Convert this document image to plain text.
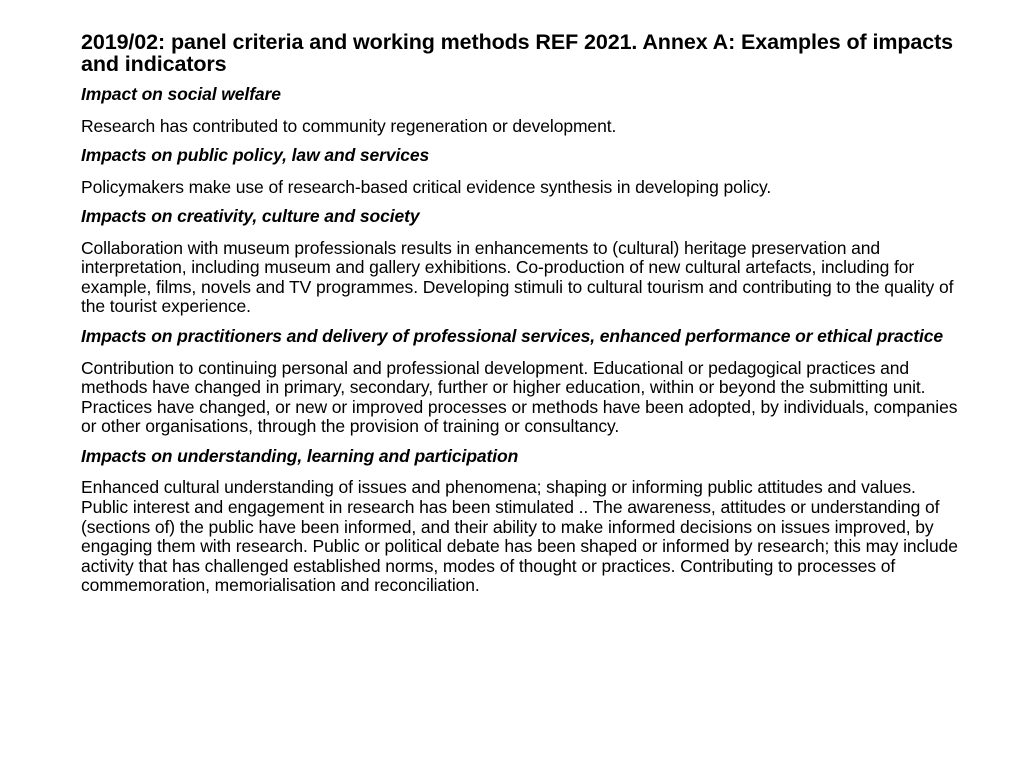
2019/02: panel criteria and working methods REF 2021. Annex A: Examples of impacts and indicators

Impact on social welfare

Research has contributed to community regeneration or development.

Impacts on public policy, law and services

Policymakers make use of research-based critical evidence synthesis in developing policy.

Impacts on creativity, culture and society

Collaboration with museum professionals results in enhancements to (cultural) heritage preservation and interpretation, including museum and gallery exhibitions. Co-production of new cultural artefacts, including for example, films, novels and TV programmes. Developing stimuli to cultural tourism and contributing to the quality of the tourist experience.

Impacts on practitioners and delivery of professional services, enhanced performance or ethical practice

Contribution to continuing personal and professional development. Educational or pedagogical practices and methods have changed in primary, secondary, further or higher education, within or beyond the submitting unit. Practices have changed, or new or improved processes or methods have been adopted, by individuals, companies or other organisations, through the provision of training or consultancy.

Impacts on understanding, learning and participation

Enhanced cultural understanding of issues and phenomena; shaping or informing public attitudes and values. Public interest and engagement in research has been stimulated .. The awareness, attitudes or understanding of (sections of) the public have been informed, and their ability to make informed decisions on issues improved, by engaging them with research. Public or political debate has been shaped or informed by research; this may include activity that has challenged established norms, modes of thought or practices. Contributing to processes of commemoration, memorialisation and reconciliation.
